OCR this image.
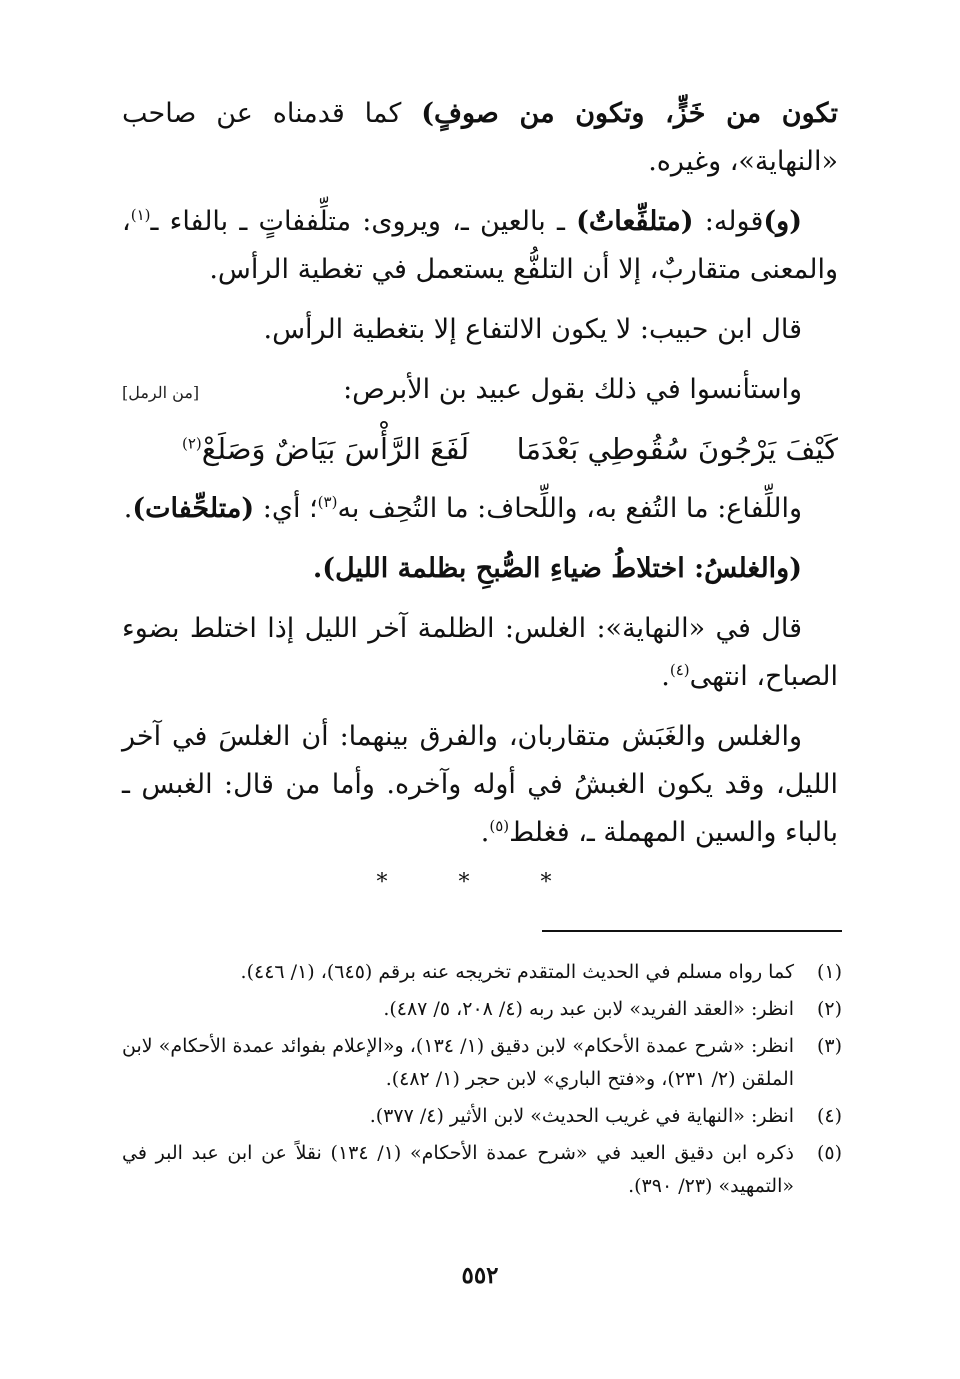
تكون من خَزٍّ، وتكون من صوفٍ) كما قدمناه عن صاحب «النهاية»، وغيره.

(و)قوله: (متلفِّعاتٌ) ـ بالعين ـ، ويروى: متلِّففاتٍ ـ بالفاء ـ$^{(١)}$، والمعنى متقاربٌ، إلا أن التلفُّع يستعمل في تغطية الرأس.

قال ابن حبيب: لا يكون الالتفاع إلا بتغطية الرأس.

واستأنسوا في ذلك بقول عبيد بن الأبرص:
[من الرمل]
كَيْفَ يَرْجُونَ سُقُوطِي بَعْدَمَا
لَفَعَ الرَّأْسَ بَيَاضٌ وَصَلَعْ$^{(٢)}$

واللِّفاع: ما التُفع به، واللِّحاف: ما التُحِف به$^{(٣)}$؛ أي: (متلحِّفات).

(والغلسُ: اختلاطُ ضياءِ الصُّبحِ بظلمة الليل).

قال في «النهاية»: الغلس: الظلمة آخر الليل إذا اختلط بضوء الصباح، انتهى$^{(٤)}$.

والغلس والغَبَش متقاربان، والفرق بينهما: أن الغلسَ في آخر الليل، وقد يكون الغبشُ في أوله وآخره. وأما من قال: الغبس ـ بالباء والسين المهملة ـ، فغلط$^{(٥)}$.

* * *
(١)
كما رواه مسلم في الحديث المتقدم تخريجه عنه برقم (٦٤٥)، (١/ ٤٤٦).
(٢)
انظر: «العقد الفريد» لابن عبد ربه (٤/ ٢٠٨، ٥/ ٤٨٧).
(٣)
انظر: «شرح عمدة الأحكام» لابن دقيق (١/ ١٣٤)، و«الإعلام بفوائد عمدة الأحكام» لابن الملقن (٢/ ٢٣١)، و«فتح الباري» لابن حجر (١/ ٤٨٢).
(٤)
انظر: «النهاية في غريب الحديث» لابن الأثير (٤/ ٣٧٧).
(٥)
ذكره ابن دقيق العيد في «شرح عمدة الأحكام» (١/ ١٣٤) نقلاً عن ابن عبد البر في «التمهيد» (٢٣/ ٣٩٠).
٥٥٢
